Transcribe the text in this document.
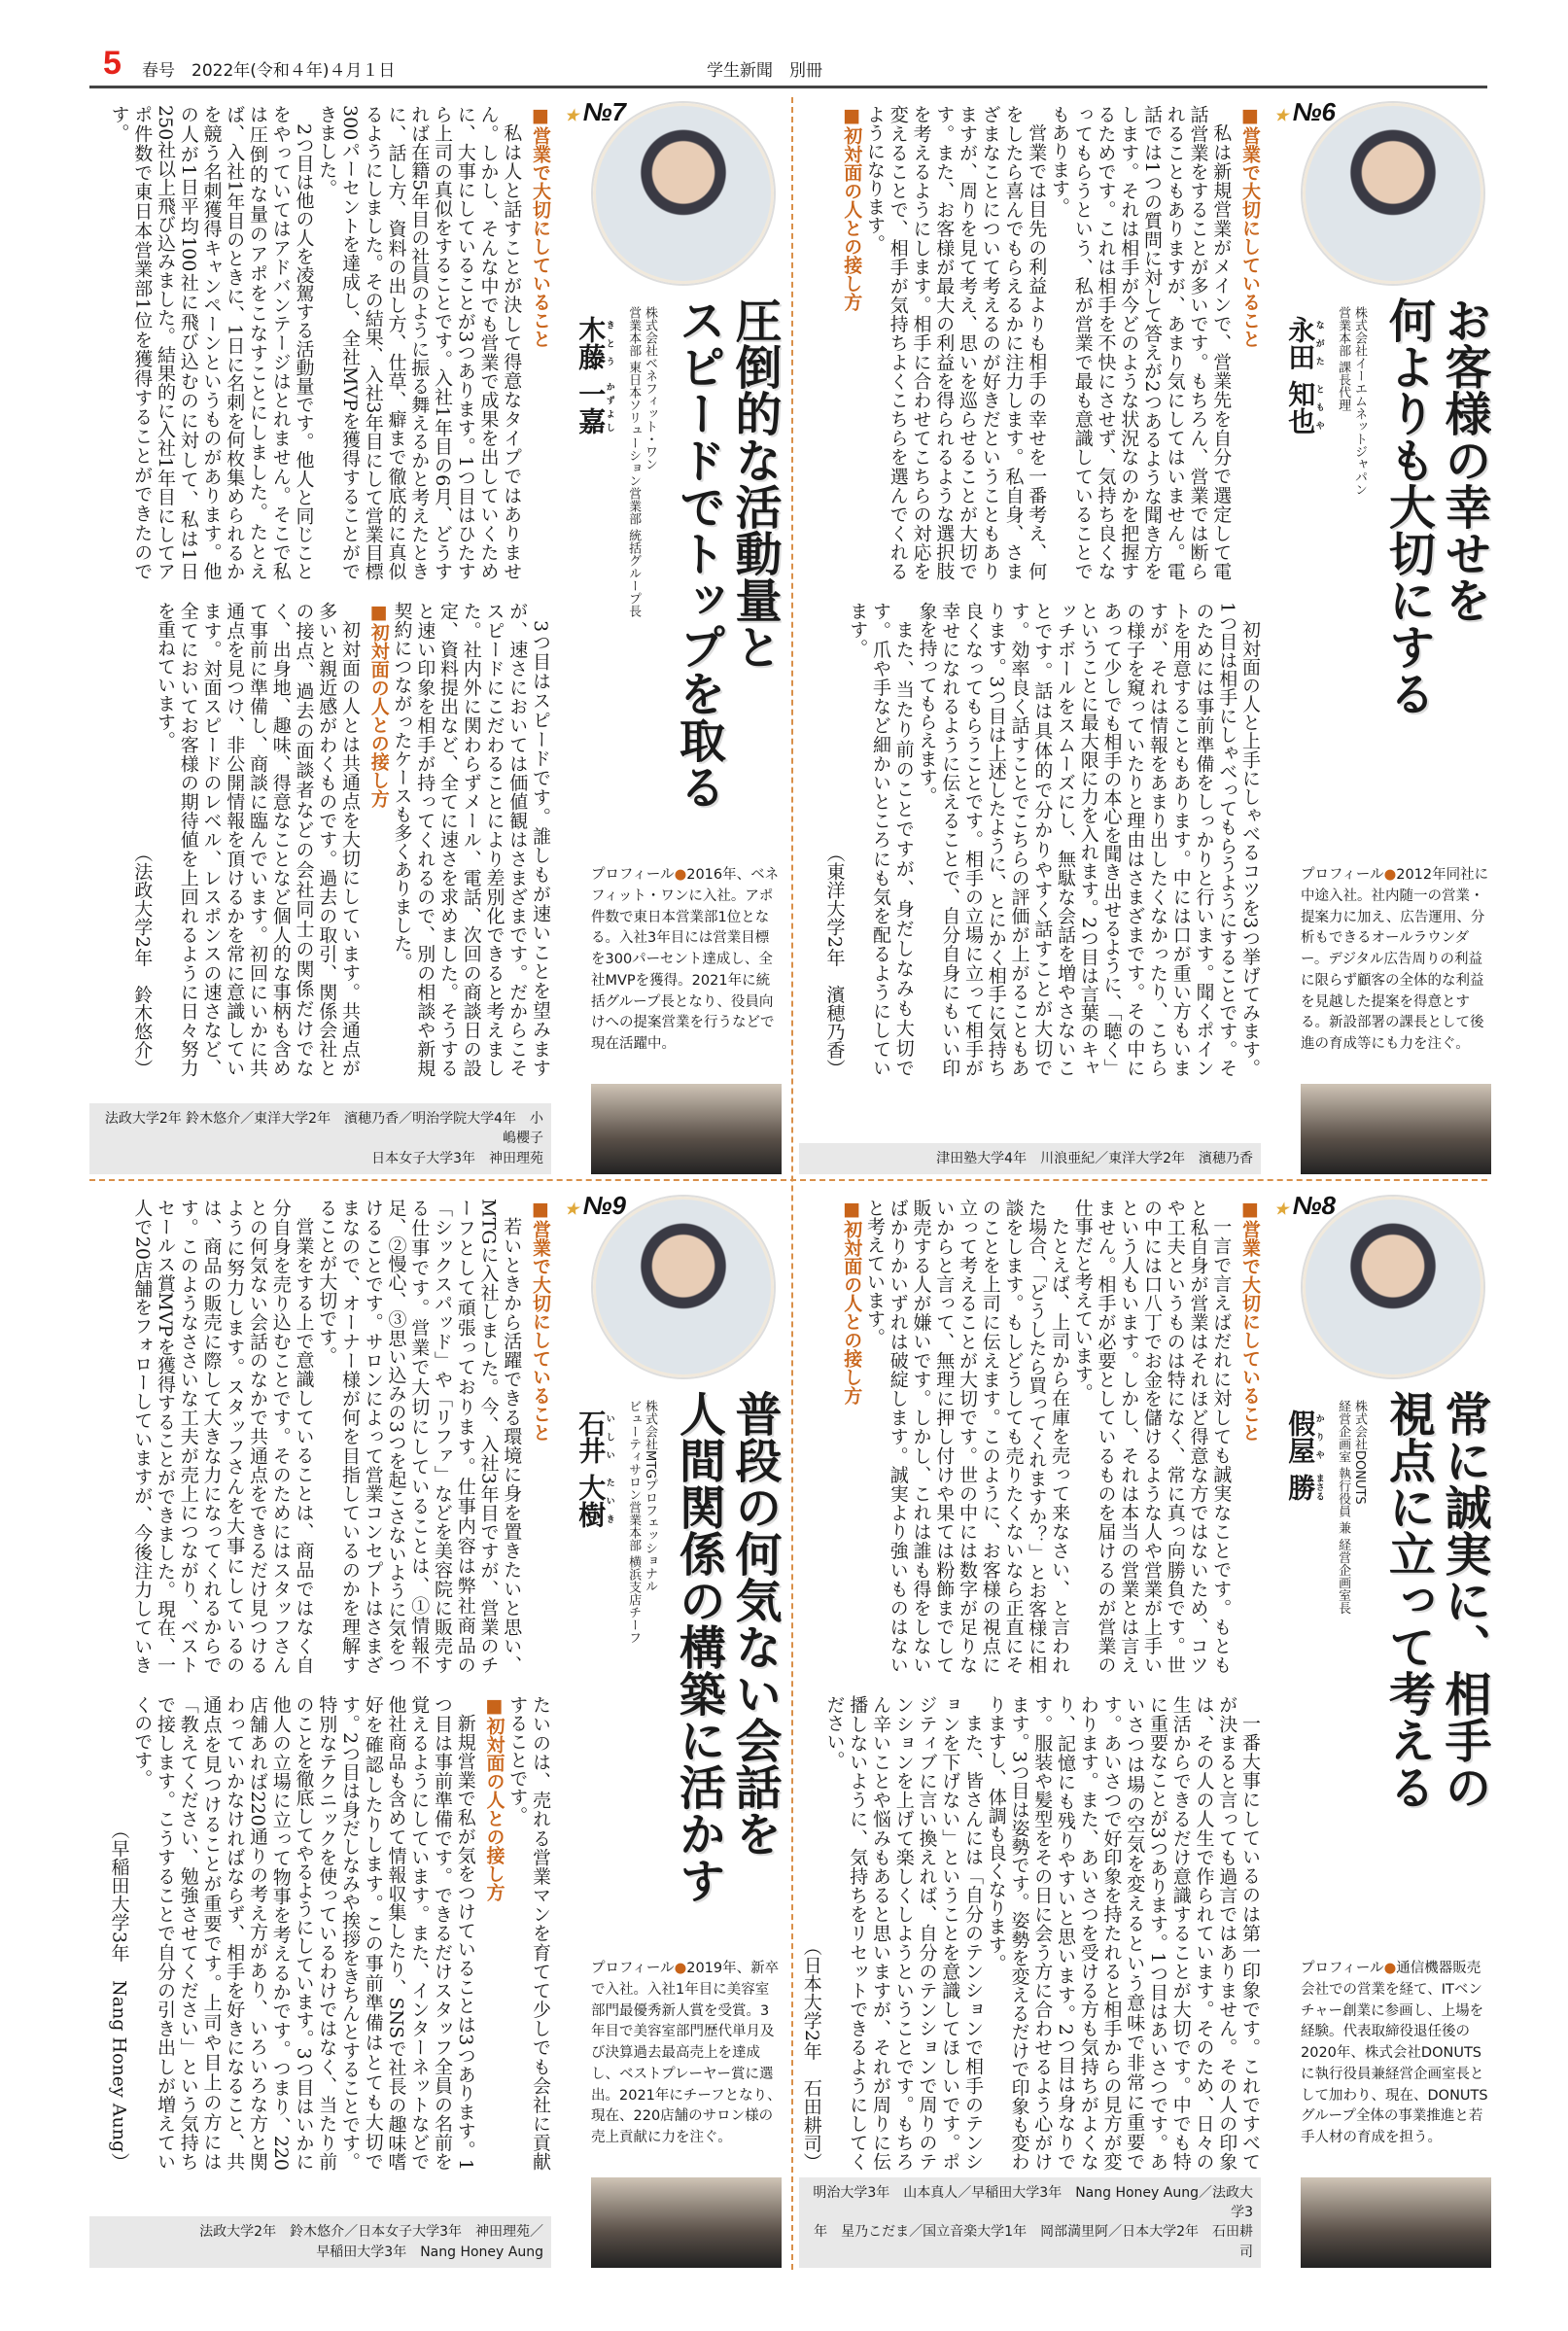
5 春号　2022年(令和４年)４月１日	学生新聞　別冊
■営業で大切にしていること

私は人と話すことが決して得意なタイプではありません。しかし、そんな中でも営業で成果を出していくために、大事にしていることが3つあります。1つ目はひたすら上司の真似をすることです。入社1年目の6月、どうすれば在籍5年目の社員のように振る舞えるかと考えたときに、話し方、資料の出し方、仕草、癖まで徹底的に真似るようにしました。その結果、入社3年目にして営業目標300パーセントを達成し、全社MVPを獲得することができました。

2つ目は他の人を凌駕する活動量です。他人と同じことをやっていてはアドバンテージはとれません。そこで私は圧倒的な量のアポをこなすことにしました。たとえば、入社1年目のときに、1日に名刺を何枚集められるかを競う名刺獲得キャンペーンというものがあります。他の人が1日平均100社に飛び込むのに対して、私は1日250社以上飛び込みました。結果的に入社1年目にしてアポ件数で東日本営業部1位を獲得することができたのです。

3つ目はスピードです。誰しもが速いことを望みますが、速さにおいては価値観はさまざまです。だからこそスピードにこだわることにより差別化できると考えました。社内外に関わらずメール、電話、次回の商談日の設定、資料提出など、全てに速さを求めました。そうすると速い印象を相手が持ってくれるので、別の相談や新規契約につながったケースも多くありました。

■初対面の人との接し方

初対面の人とは共通点を大切にしています。共通点が多いと親近感がわくものです。過去の取引、関係会社との接点、過去の面談者などの会社同士の関係だけでなく、出身地、趣味、得意なことなど個人的な事柄も含めて事前に準備し、商談に臨んでいます。初回にいかに共通点を見つけ、非公開情報を頂けるかを常に意識しています。対面スピードのレベル、レスポンスの速さなど、全てにおいてお客様の期待値を上回れるように日々努力を重ねています。

（法政大学2年　鈴木悠介）

★ №7
圧倒的な活動量と
スピードでトップを取る
株式会社ベネフィット・ワン
営業本部 東日本ソリューション営業部 統括グループ長
木藤きとう 一嘉かずよし
プロフィール●2016年、ベネフィット・ワンに入社。アポ件数で東日本営業部1位となる。入社3年目には営業目標を300パーセント達成し、全社MVPを獲得。2021年に統括グループ長となり、役員向けへの提案営業を行うなどで現在活躍中。
法政大学2年 鈴木悠介／東洋大学2年　濱穂乃香／明治学院大学4年　小嶋櫻子
日本女子大学3年　神田理苑
■営業で大切にしていること

私は新規営業がメインで、営業先を自分で選定して電話営業をすることが多いです。もちろん、営業では断られることもありますが、あまり気にしてはいません。電話では1つの質問に対して答えが2つあるような聞き方をします。それは相手が今どのような状況なのかを把握するためです。これは相手を不快にさせず、気持ち良くなってもらうという、私が営業で最も意識していることでもあります。

営業では目先の利益よりも相手の幸せを一番考え、何をしたら喜んでもらえるかに注力します。私自身、さまざまなことについて考えるのが好きだということもありますが、周りを見て考え、思いを巡らせることが大切です。また、お客様が最大の利益を得られるような選択肢を考えるようにします。相手に合わせてこちらの対応を変えることで、相手が気持ちよくこちらを選んでくれるようになります。

■初対面の人との接し方

初対面の人と上手にしゃべるコツを3つ挙げてみます。1つ目は相手にしゃべってもらうようにすることです。そのためには事前準備をしっかりと行います。聞くポイントを用意することもあります。中には口が重い方もいますが、それは情報をあまり出したくなかったり、こちらの様子を窺っていたりと理由はさまざまです。その中にあって少しでも相手の本心を聞き出せるように、「聴く」ということに最大限に力を入れます。2つ目は言葉のキャッチボールをスムーズにし、無駄な会話を増やさないことです。話は具体的で分かりやすく話すことが大切です。効率良く話すことでこちらの評価が上がることもあります。3つ目は上述したように、とにかく相手に気持ち良くなってもらうことです。相手の立場に立って相手が幸せになれるように伝えることで、自分自身にもいい印象を持ってもらえます。

また、当たり前のことですが、身だしなみも大切です。爪や手など細かいところにも気を配るようにしています。

（東洋大学2年　濱穂乃香）

★ №6
お客様の幸せを
何よりも大切にする
株式会社イーエムネットジャパン
営業本部 課長代理
永田ながた 知也ともや
プロフィール●2012年同社に中途入社。社内随一の営業・提案力に加え、広告運用、分析もできるオールラウンダー。デジタル広告周りの利益に限らず顧客の全体的な利益を見越した提案を得意とする。新設部署の課長として後進の育成等にも力を注ぐ。
津田塾大学4年　川浪亜紀／東洋大学2年　濱穂乃香
■営業で大切にしていること

若いときから活躍できる環境に身を置きたいと思い、MTGに入社しました。今、入社3年目ですが、営業のチーフとして頑張っております。仕事内容は弊社商品の「シックスパッド」や「リファ」などを美容院に販売する仕事です。営業で大切にしていることは、①情報不足、②慢心、③思い込みの3つを起こさないように気をつけることです。サロンによって営業コンセプトはさまざまなので、オーナー様が何を目指しているのかを理解することが大切です。

営業をする上で意識していることは、商品ではなく自分自身を売り込むことです。そのためにはスタッフさんとの何気ない会話のなかで共通点をできるだけ見つけるように努力します。スタッフさんを大事にしているのは、商品の販売に際して大きな力になってくれるからです。このようなささいな工夫が売上につながり、ベストセールス賞MVPを獲得することができました。現在、一人で20店舗をフォローしていますが、今後注力していきたいのは、売れる営業マンを育てて少しでも会社に貢献することです。

■初対面の人との接し方

新規営業で私が気をつけていることは3つあります。1つ目は事前準備です。できるだけスタッフ全員の名前を覚えるようにしています。また、インターネットなどで他社商品も含めて情報収集したり、SNSで社長の趣味嗜好を確認したりします。この事前準備はとても大切です。2つ目は身だしなみや挨拶をきちんとすることです。特別なテクニックを使っているわけではなく、当たり前のことを徹底してやるようにしています。3つ目はいかに他人の立場に立って物事を考えるかです。つまり、220店舗あれば220通りの考え方があり、いろいろな方と関わっていかなければならず、相手を好きになること、共通点を見つけることが重要です。上司や目上の方には「教えてください、勉強させてください」という気持ちで接します。こうすることで自分の引き出しが増えていくのです。

（早稲田大学3年　Nang Honey Aung）

★ №9
普段の何気ない会話を
人間関係の構築に活かす
株式会社MTGプロフェッショナル
ビューティサロン営業本部 横浜支店チーフ
石井いしい 大樹たいき
プロフィール●2019年、新卒で入社。入社1年目に美容室部門最優秀新人賞を受賞。3年目で美容室部門歴代単月及び決算過去最高売上を達成し、ベストプレーヤー賞に選出。2021年にチーフとなり、現在、220店舗のサロン様の売上貢献に力を注ぐ。
法政大学2年　鈴木悠介／日本女子大学3年　神田理苑／
早稲田大学3年　Nang Honey Aung
■営業で大切にしていること

一言で言えばだれに対しても誠実なことです。もともと私自身が営業はそれほど得意な方ではないため、コツや工夫というものは特になく、常に真っ向勝負です。世の中には口八丁でお金を儲けるような人や営業が上手いという人もいます。しかし、それは本当の営業とは言えません。相手が必要としているものを届けるのが営業の仕事だと考えています。

たとえば、上司から在庫を売って来なさい、と言われた場合、「どうしたら買ってくれますか？」とお客様に相談をします。もしどうしても売りたくないなら正直にそのことを上司に伝えます。このように、お客様の視点に立って考えることが大切です。世の中には数字が足りないからと言って、無理に押し付けや果ては粉飾までして販売する人が嫌いです。しかし、これは誰も得をしないばかりかいずれは破綻します。誠実より強いものはないと考えています。

■初対面の人との接し方

一番大事にしているのは第一印象です。これですべてが決まると言っても過言ではありません。その人の印象は、その人の人生で作られています。そのため、日々の生活からできるだけ意識することが大切です。中でも特に重要なことが3つあります。1つ目はあいさつです。あいさつは場の空気を変えるという意味で非常に重要です。あいさつで好印象を持たれると相手からの見方が変わります。また、あいさつを受ける方も気持ちがよくなり、記憶にも残りやすいと思います。2つ目は身なりです。服装や髪型をその日に会う方に合わせるよう心がけます。3つ目は姿勢です。姿勢を変えるだけで印象も変わりますし、体調も良くなります。

また、皆さんには「自分のテンションで相手のテンションを下げない」ということを意識してほしいです。ポジティブに言い換えれば、自分のテンションで周りのテンションを上げて楽しくしようということです。もちろん辛いことや悩みもあると思いますが、それが周りに伝播しないように、気持ちをリセットできるようにしてください。

（日本大学2年　石田耕司）

★ №8
常に誠実に、相手の
視点に立って考える
株式会社DONUTS
経営企画室 執行役員 兼 経営企画室長
假屋かりや 勝まさる
プロフィール●通信機器販売会社での営業を経て、ITベンチャー創業に参画し、上場を経験。代表取締役退任後の2020年、株式会社DONUTSに執行役員兼経営企画室長として加わり、現在、DONUTSグループ全体の事業推進と若手人材の育成を担う。
明治大学3年　山本真人／早稲田大学3年　Nang Honey Aung／法政大学3
年　星乃こだま／国立音楽大学1年　岡部満里阿／日本大学2年　石田耕司
